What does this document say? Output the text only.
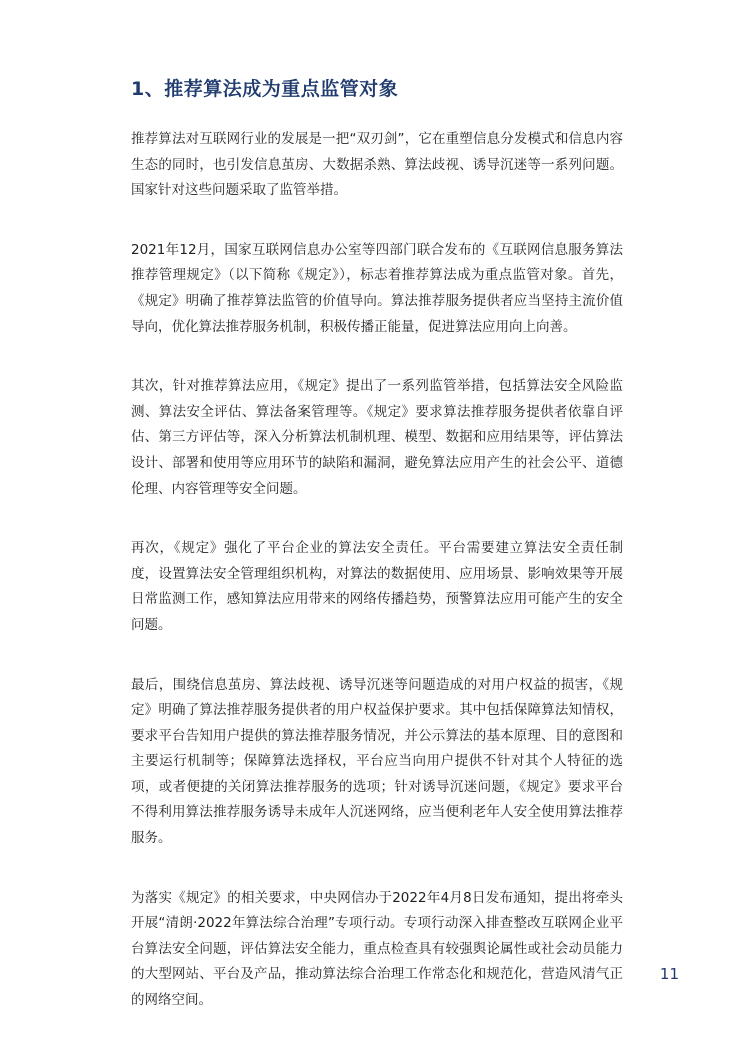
1、推荐算法成为重点监管对象

推荐算法对互联网行业的发展是一把“双刃剑”，它在重塑信息分发模式和信息内容生态的同时，也引发信息茧房、大数据杀熟、算法歧视、诱导沉迷等一系列问题。国家针对这些问题采取了监管举措。

2021年12月，国家互联网信息办公室等四部门联合发布的《互联网信息服务算法推荐管理规定》（以下简称《规定》），标志着推荐算法成为重点监管对象。首先，《规定》明确了推荐算法监管的价值导向。算法推荐服务提供者应当坚持主流价值导向，优化算法推荐服务机制，积极传播正能量，促进算法应用向上向善。

其次，针对推荐算法应用，《规定》提出了一系列监管举措，包括算法安全风险监测、算法安全评估、算法备案管理等。《规定》要求算法推荐服务提供者依靠自评估、第三方评估等，深入分析算法机制机理、模型、数据和应用结果等，评估算法设计、部署和使用等应用环节的缺陷和漏洞，避免算法应用产生的社会公平、道德伦理、内容管理等安全问题。

再次，《规定》强化了平台企业的算法安全责任。平台需要建立算法安全责任制度，设置算法安全管理组织机构，对算法的数据使用、应用场景、影响效果等开展日常监测工作，感知算法应用带来的网络传播趋势，预警算法应用可能产生的安全问题。

最后，围绕信息茧房、算法歧视、诱导沉迷等问题造成的对用户权益的损害，《规定》明确了算法推荐服务提供者的用户权益保护要求。其中包括保障算法知情权，要求平台告知用户提供的算法推荐服务情况，并公示算法的基本原理、目的意图和主要运行机制等；保障算法选择权，平台应当向用户提供不针对其个人特征的选项，或者便捷的关闭算法推荐服务的选项；针对诱导沉迷问题，《规定》要求平台不得利用算法推荐服务诱导未成年人沉迷网络，应当便利老年人安全使用算法推荐服务。

为落实《规定》的相关要求，中央网信办于2022年4月8日发布通知，提出将牵头开展“清朗·2022年算法综合治理”专项行动。专项行动深入排查整改互联网企业平台算法安全问题，评估算法安全能力，重点检查具有较强舆论属性或社会动员能力的大型网站、平台及产品，推动算法综合治理工作常态化和规范化，营造风清气正的网络空间。

11
